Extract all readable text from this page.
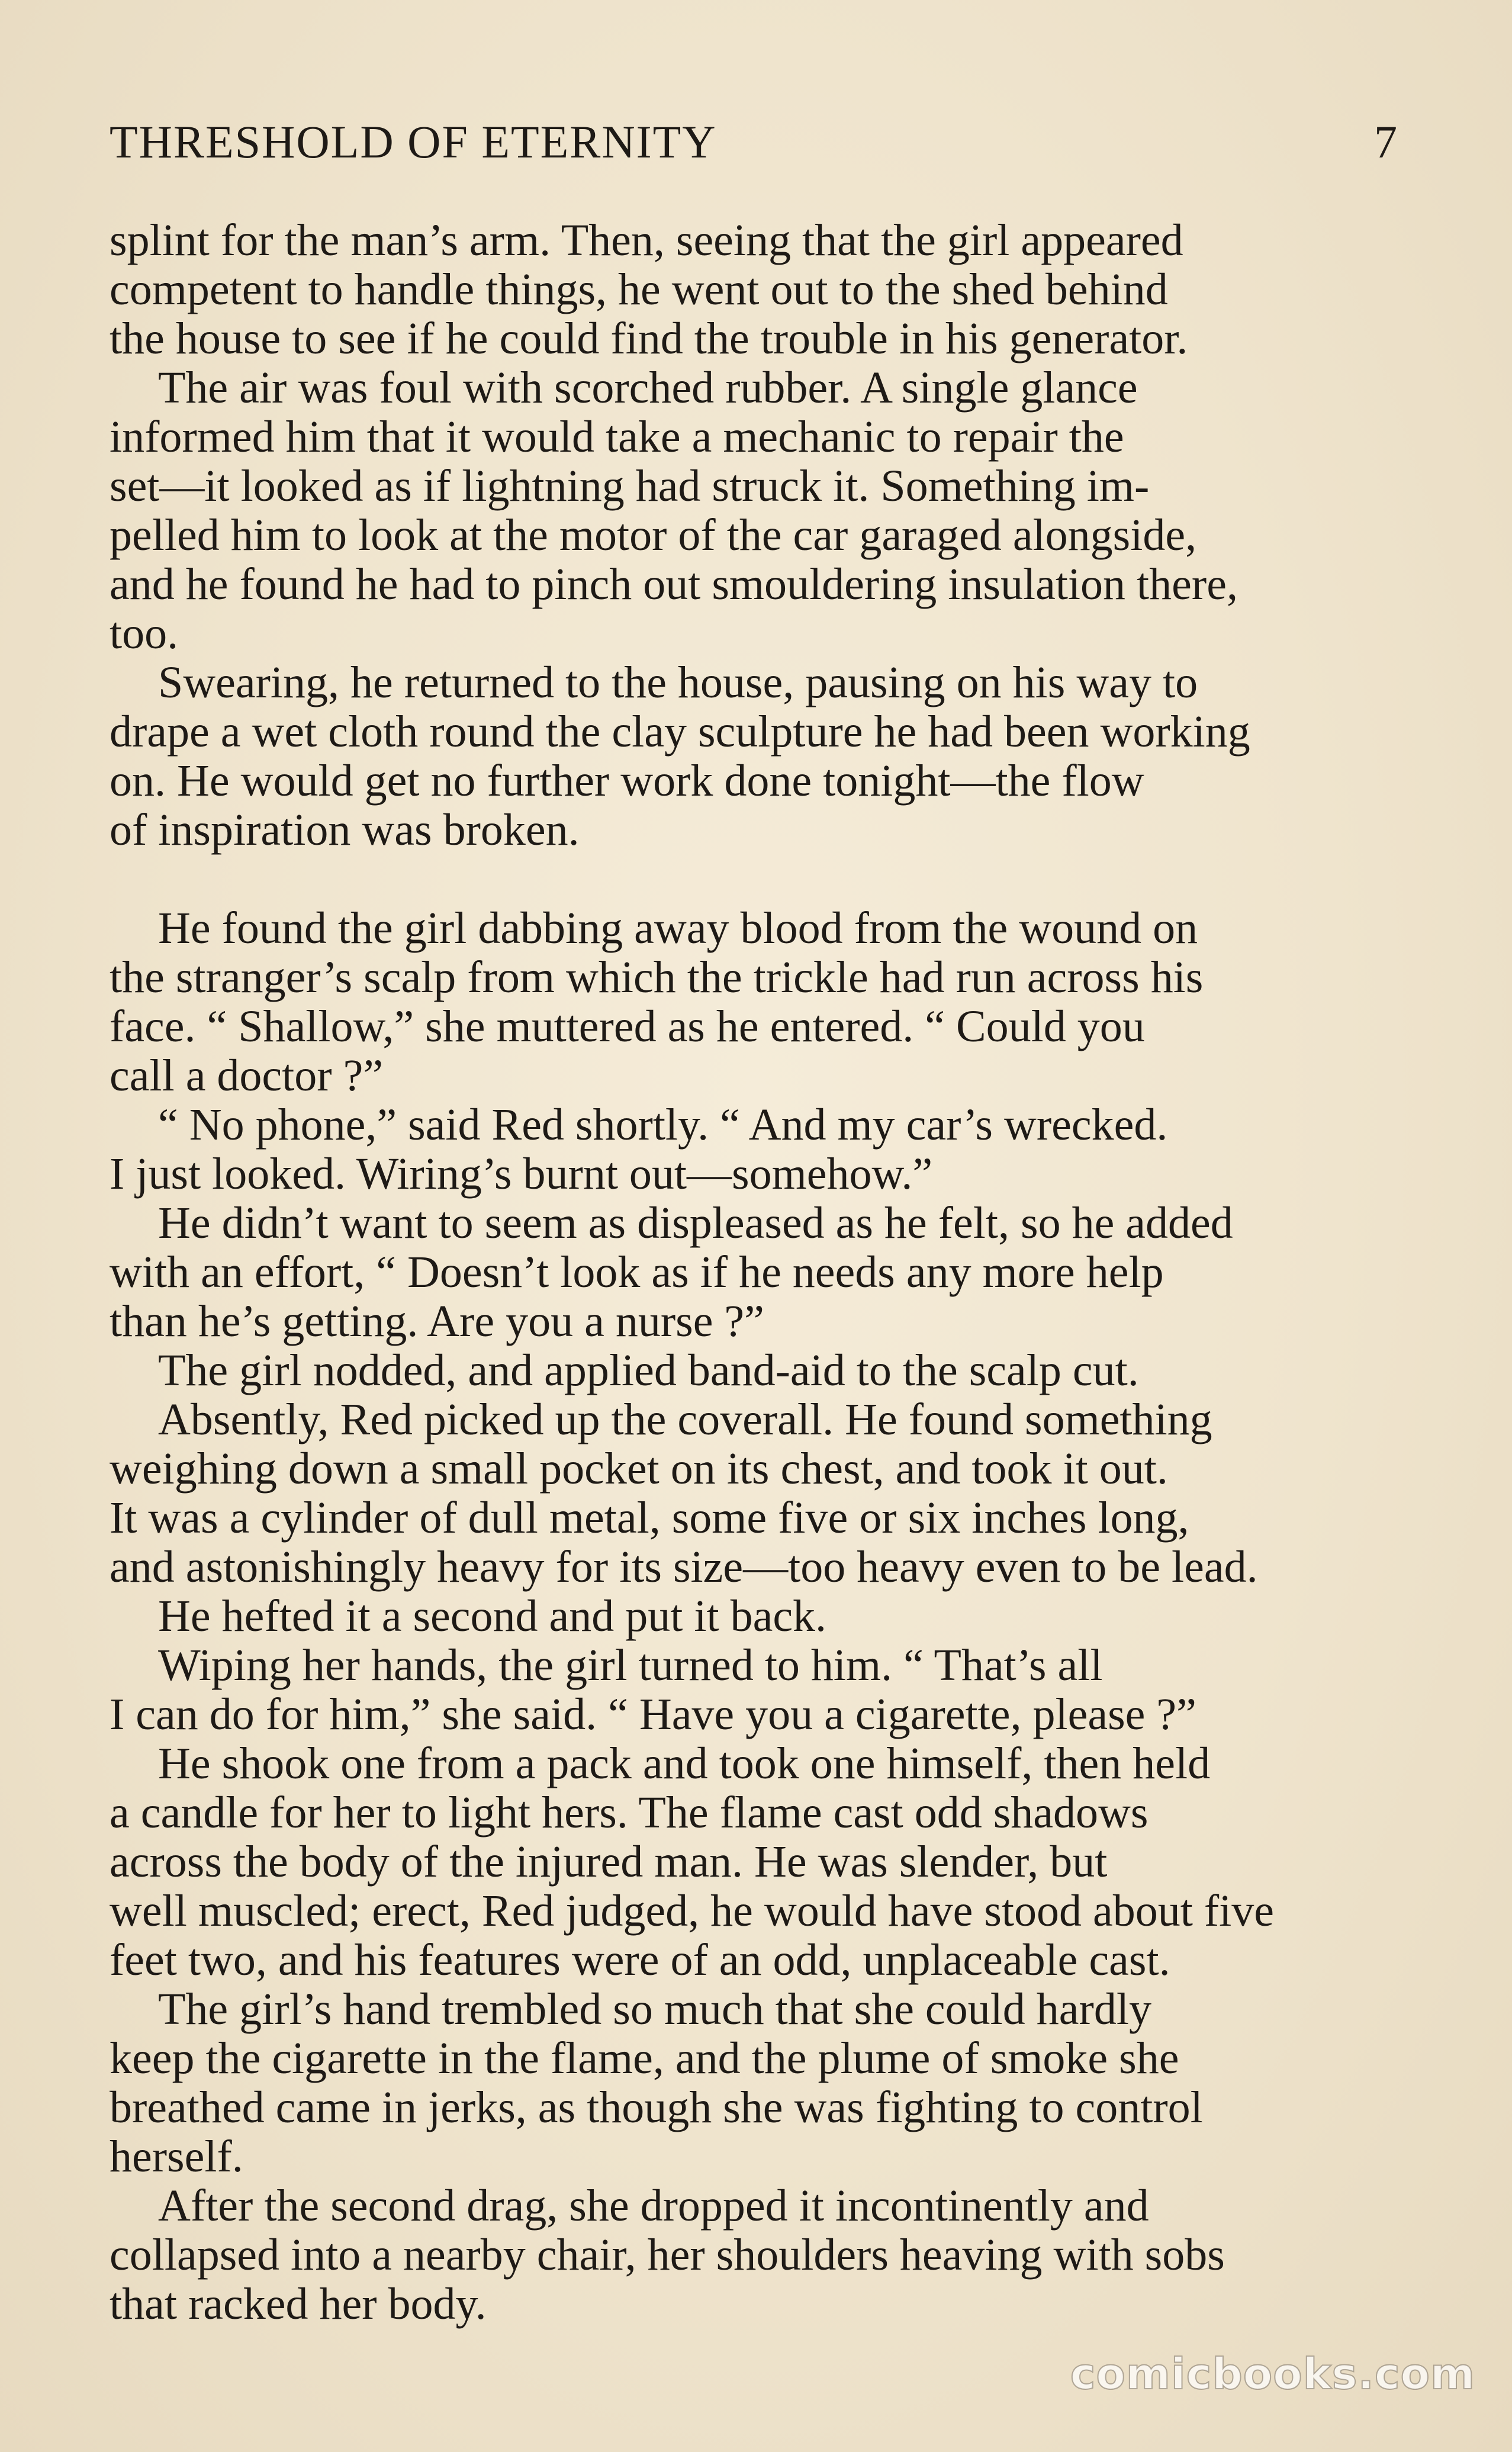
THRESHOLD OF ETERNITY	7
splint for the man’s arm. Then, seeing that the girl appeared
competent to handle things, he went out to the shed behind
the house to see if he could find the trouble in his generator.
The air was foul with scorched rubber. A single glance
informed him that it would take a mechanic to repair the
set—it looked as if lightning had struck it. Something im-
pelled him to look at the motor of the car garaged alongside,
and he found he had to pinch out smouldering insulation there,
too.
Swearing, he returned to the house, pausing on his way to
drape a wet cloth round the clay sculpture he had been working
on. He would get no further work done tonight—the flow
of inspiration was broken.
He found the girl dabbing away blood from the wound on
the stranger’s scalp from which the trickle had run across his
face. “ Shallow,” she muttered as he entered. “ Could you
call a doctor ?”
“ No phone,” said Red shortly. “ And my car’s wrecked.
I just looked. Wiring’s burnt out—somehow.”
He didn’t want to seem as displeased as he felt, so he added
with an effort, “ Doesn’t look as if he needs any more help
than he’s getting. Are you a nurse ?”
The girl nodded, and applied band-aid to the scalp cut.
Absently, Red picked up the coverall. He found something
weighing down a small pocket on its chest, and took it out.
It was a cylinder of dull metal, some five or six inches long,
and astonishingly heavy for its size—too heavy even to be lead.
He hefted it a second and put it back.
Wiping her hands, the girl turned to him. “ That’s all
I can do for him,” she said. “ Have you a cigarette, please ?”
He shook one from a pack and took one himself, then held
a candle for her to light hers. The flame cast odd shadows
across the body of the injured man. He was slender, but
well muscled; erect, Red judged, he would have stood about five
feet two, and his features were of an odd, unplaceable cast.
The girl’s hand trembled so much that she could hardly
keep the cigarette in the flame, and the plume of smoke she
breathed came in jerks, as though she was fighting to control
herself.
After the second drag, she dropped it incontinently and
collapsed into a nearby chair, her shoulders heaving with sobs
that racked her body.
comicbooks.com
